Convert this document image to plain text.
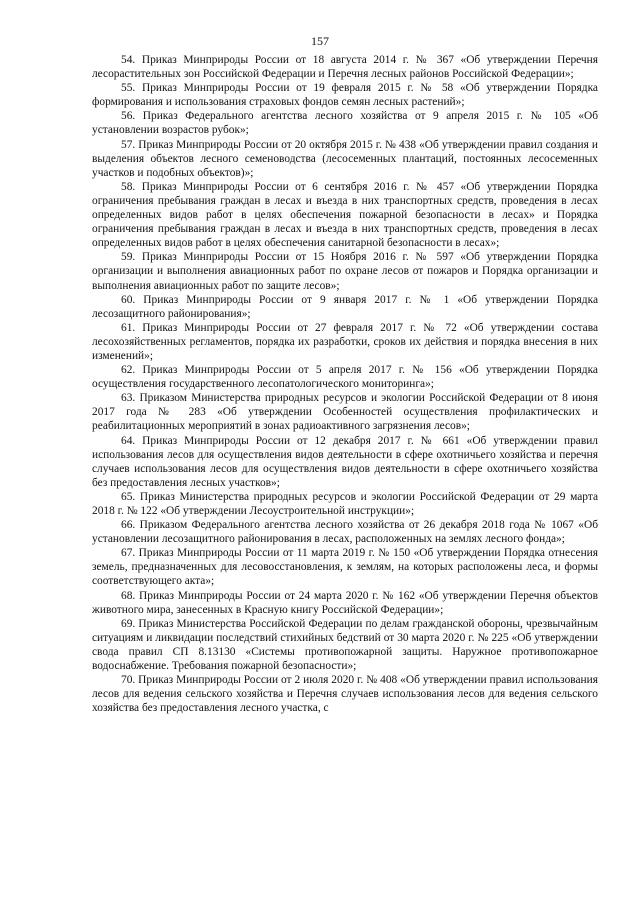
157

54. Приказ Минприроды России от 18 августа 2014 г. № 367 «Об утверждении Перечня лесорастительных зон Российской Федерации и Перечня лесных районов Российской Федерации»;

55. Приказ Минприроды России от 19 февраля 2015 г. № 58 «Об утверждении Порядка формирования и использования страховых фондов семян лесных растений»;

56. Приказ Федерального агентства лесного хозяйства от 9 апреля 2015 г. № 105 «Об установлении возрастов рубок»;

57. Приказ Минприроды России от 20 октября 2015 г. № 438 «Об утверждении правил создания и выделения объектов лесного семеноводства (лесосеменных плантаций, постоянных лесосеменных участков и подобных объектов)»;

58. Приказ Минприроды России от 6 сентября 2016 г. № 457 «Об утверждении Порядка ограничения пребывания граждан в лесах и въезда в них транспортных средств, проведения в лесах определенных видов работ в целях обеспечения пожарной безопасности в лесах» и Порядка ограничения пребывания граждан в лесах и въезда в них транспортных средств, проведения в лесах определенных видов работ в целях обеспечения санитарной безопасности в лесах»;

59. Приказ Минприроды России от 15 Ноября 2016 г. № 597 «Об утверждении Порядка организации и выполнения авиационных работ по охране лесов от пожаров и Порядка организации и выполнения авиационных работ по защите лесов»;

60. Приказ Минприроды России от 9 января 2017 г. № 1 «Об утверждении Порядка лесозащитного районирования»;

61. Приказ Минприроды России от 27 февраля 2017 г. № 72 «Об утверждении состава лесохозяйственных регламентов, порядка их разработки, сроков их действия и порядка внесения в них изменений»;

62. Приказ Минприроды России от 5 апреля 2017 г. № 156 «Об утверждении Порядка осуществления государственного лесопатологического мониторинга»;

63. Приказом Министерства природных ресурсов и экологии Российской Федерации от 8 июня 2017 года № 283 «Об утверждении Особенностей осуществления профилактических и реабилитационных мероприятий в зонах радиоактивного загрязнения лесов»;

64. Приказ Минприроды России от 12 декабря 2017 г. № 661 «Об утверждении правил использования лесов для осуществления видов деятельности в сфере охотничьего хозяйства и перечня случаев использования лесов для осуществления видов деятельности в сфере охотничьего хозяйства без предоставления лесных участков»;

65. Приказ Министерства природных ресурсов и экологии Российской Федерации от 29 марта 2018 г. № 122 «Об утверждении Лесоустроительной инструкции»;

66. Приказом Федерального агентства лесного хозяйства от 26 декабря 2018 года № 1067 «Об установлении лесозащитного районирования в лесах, расположенных на землях лесного фонда»;

67. Приказ Минприроды России от 11 марта 2019 г. № 150 «Об утверждении Порядка отнесения земель, предназначенных для лесовосстановления, к землям, на которых расположены леса, и формы соответствующего акта»;

68. Приказ Минприроды России от 24 марта 2020 г. № 162 «Об утверждении Перечня объектов животного мира, занесенных в Красную книгу Российской Федерации»;

69. Приказ Министерства Российской Федерации по делам гражданской обороны, чрезвычайным ситуациям и ликвидации последствий стихийных бедствий от 30 марта 2020 г. № 225 «Об утверждении свода правил СП 8.13130 «Системы противопожарной защиты. Наружное противопожарное водоснабжение. Требования пожарной безопасности»;

70. Приказ Минприроды России от 2 июля 2020 г. № 408 «Об утверждении правил использования лесов для ведения сельского хозяйства и Перечня случаев использования лесов для ведения сельского хозяйства без предоставления лесного участка, с
